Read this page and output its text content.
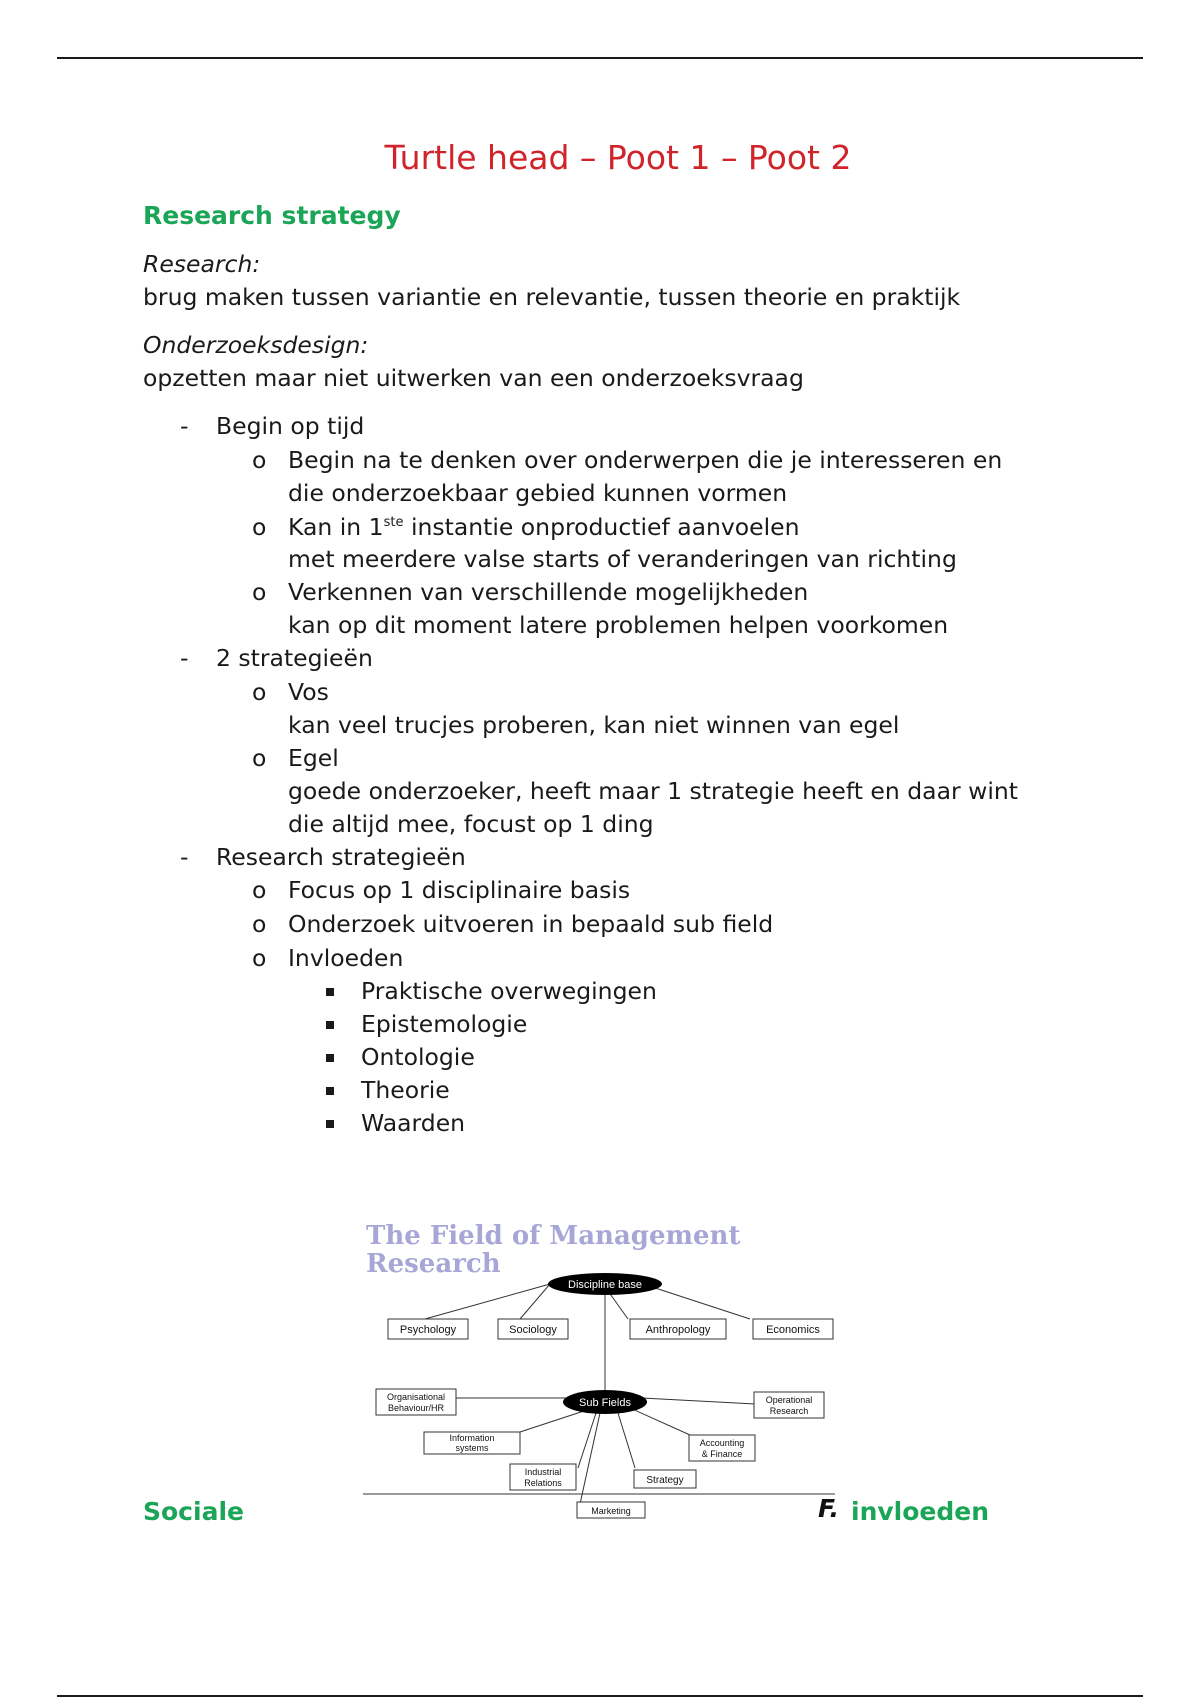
Turtle head – Poot 1 – Poot 2
Research strategy

Research:

brug maken tussen variantie en relevantie, tussen theorie en praktijk

Onderzoeksdesign:

opzetten maar niet uitwerken van een onderzoeksvraag

- Begin op tijd

o Begin na te denken over onderwerpen die je interesseren en

die onderzoekbaar gebied kunnen vormen

o Kan in 1ste instantie onproductief aanvoelen

met meerdere valse starts of veranderingen van richting

o Verkennen van verschillende mogelijkheden

kan op dit moment latere problemen helpen voorkomen

- 2 strategieën

o Vos

kan veel trucjes proberen, kan niet winnen van egel

o Egel

goede onderzoeker, heeft maar 1 strategie heeft en daar wint

die altijd mee, focust op 1 ding

- Research strategieën

o Focus op 1 disciplinaire basis

o Onderzoek uitvoeren in bepaald sub field

o Invloeden

Praktische overwegingen

Epistemologie

Ontologie

Theorie

Waarden

Discipline base
Sub Fields
Psychology	Sociology	Anthropology	Economics
Organisational
Behaviour/HR
Operational
Research
Information
systems	Accounting
& Finance
Industrial
Relations	Strategy
Marketing
The Field of Management
Research
Sociale	F. invloeden
